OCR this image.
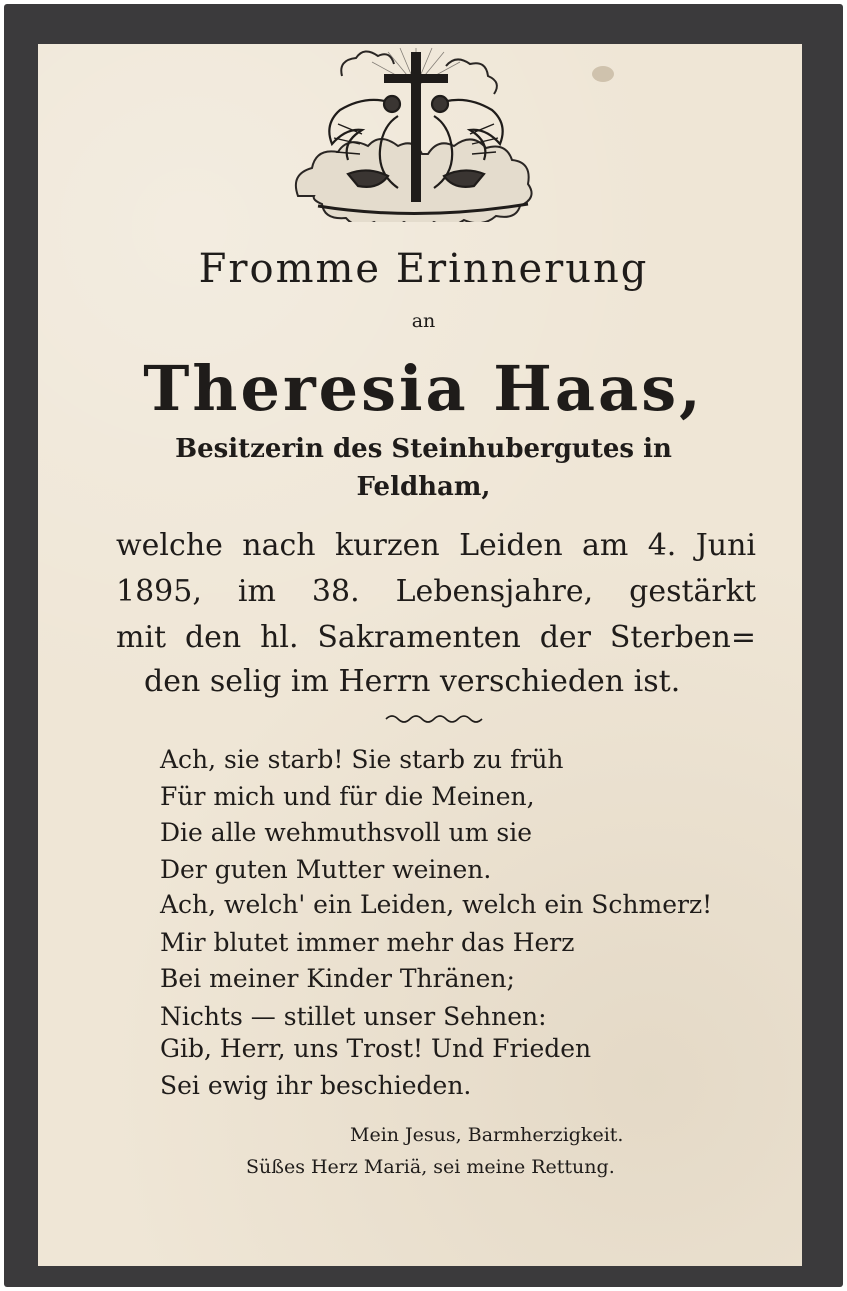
Fromme Erinnerung
an
Theresia Haas,
Besitzerin des Steinhubergutes in
Feldham,
welche nach kurzen Leiden am 4. Juni
1895, im 38. Lebensjahre, gestärkt
mit den hl. Sakramenten der Sterben=
den selig im Herrn verschieden ist.
Ach, sie starb! Sie starb zu früh
Für mich und für die Meinen,
Die alle wehmuthsvoll um sie
Der guten Mutter weinen.
Ach, welch' ein Leiden, welch ein Schmerz!
Mir blutet immer mehr das Herz
Bei meiner Kinder Thränen;
Nichts — stillet unser Sehnen:
Gib, Herr, uns Trost! Und Frieden
Sei ewig ihr beschieden.
Mein Jesus, Barmherzigkeit.
Süßes Herz Mariä, sei meine Rettung.
